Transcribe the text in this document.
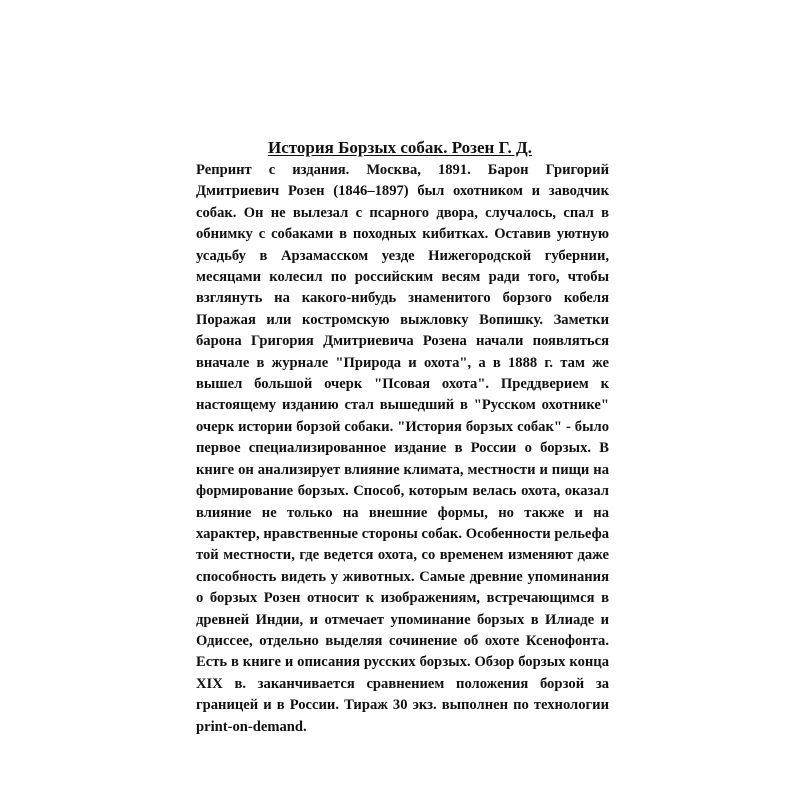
История Борзых собак. Розен Г. Д.

Репринт с издания. Москва, 1891. Барон Григорий Дмитриевич Розен (1846–1897) был охотником и заводчик собак. Он не вылезал с псарного двора, случалось, спал в обнимку с собаками в походных кибитках. Оставив уютную усадьбу в Арзамасском уезде Нижегородской губернии, месяцами колесил по российским весям ради того, чтобы взглянуть на какого-нибудь знаменитого борзого кобеля Поражая или костромскую выжловку Вопишку. Заметки барона Григория Дмитриевича Розена начали появляться вначале в журнале "Природа и охота", а в 1888 г. там же вышел большой очерк "Псовая охота". Преддверием к настоящему изданию стал вышедший в "Русском охотнике" очерк истории борзой собаки. "История борзых собак" - было первое специализированное издание в России о борзых. В книге он анализирует влияние климата, местности и пищи на формирование борзых. Способ, которым велась охота, оказал влияние не только на внешние формы, но также и на характер, нравственные стороны собак. Особенности рельефа той местности, где ведется охота, со временем изменяют даже способность видеть у животных. Самые древние упоминания о борзых Розен относит к изображениям, встречающимся в древней Индии, и отмечает упоминание борзых в Илиаде и Одиссее, отдельно выделяя сочинение об охоте Ксенофонта. Есть в книге и описания русских борзых. Обзор борзых конца XIX в. заканчивается сравнением положения борзой за границей и в России. Тираж 30 экз. выполнен по технологии print-on-demand.
